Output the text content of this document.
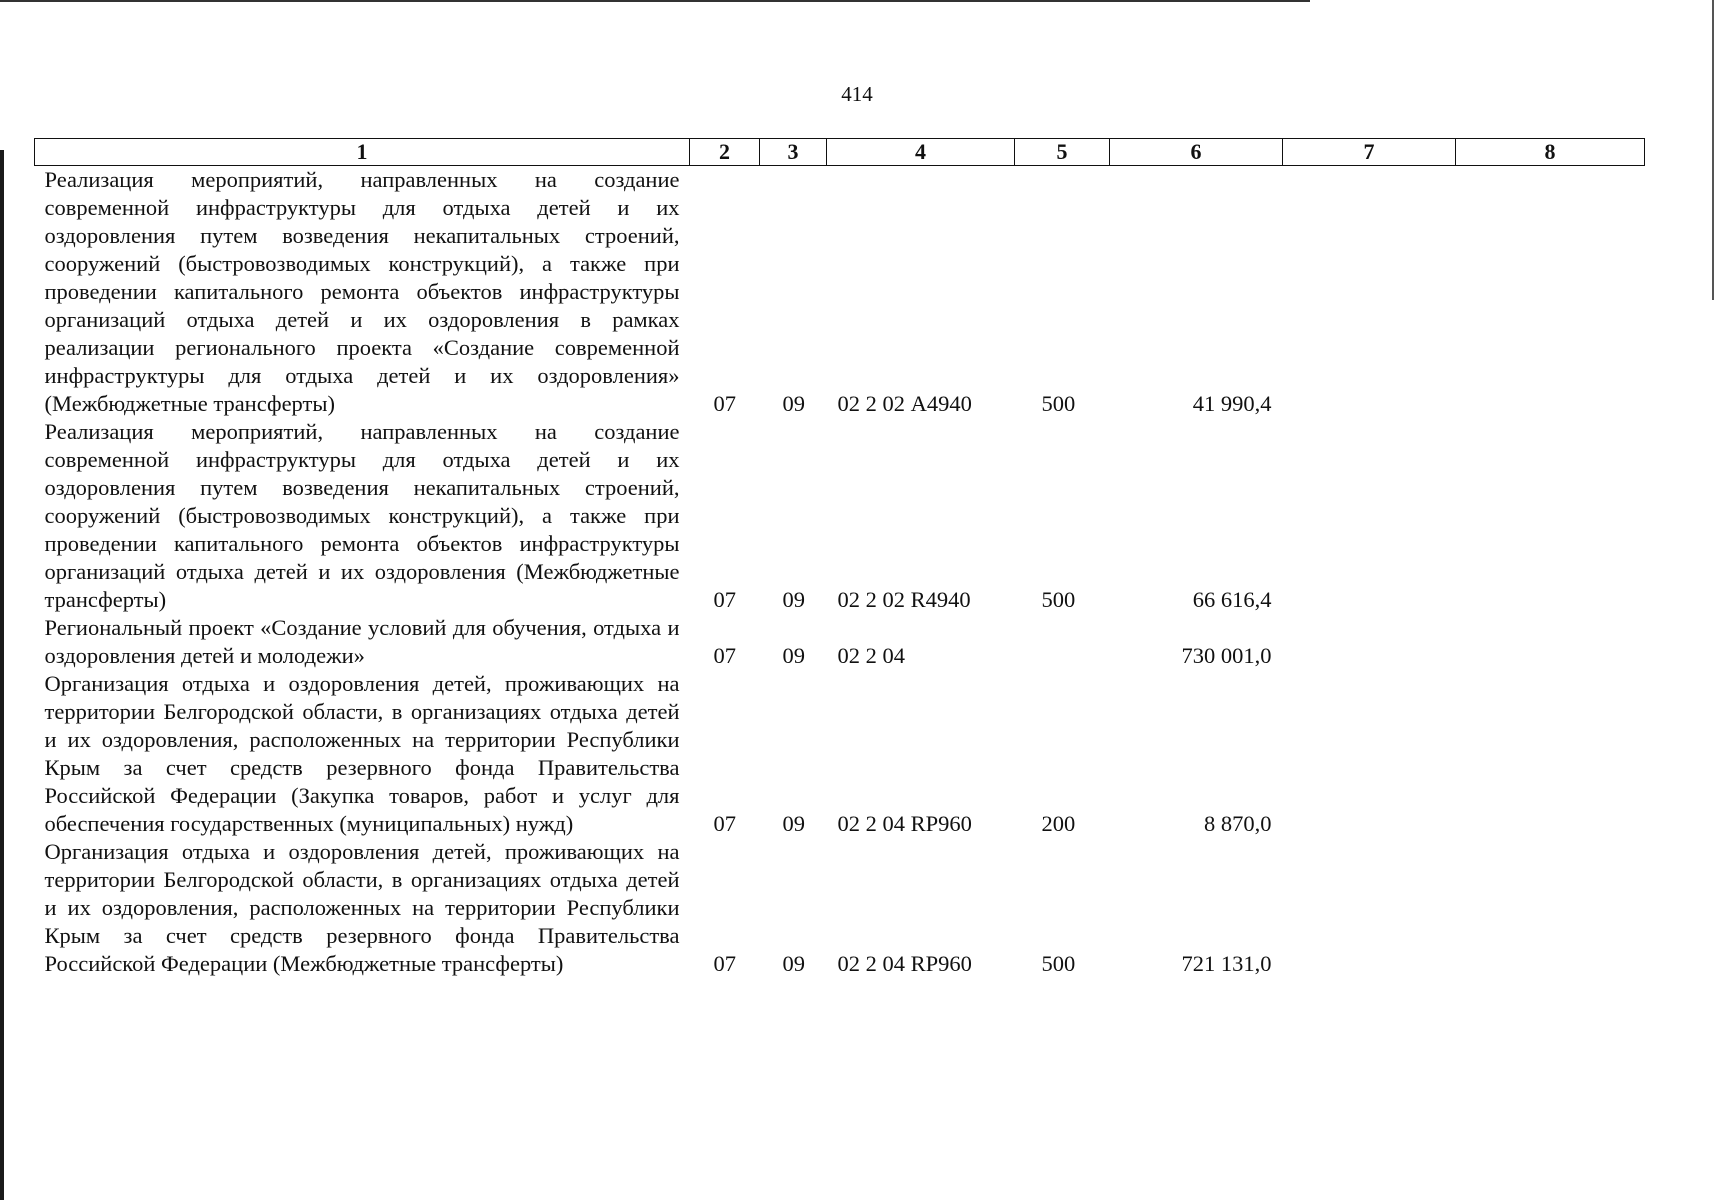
414
1	2	3	4	5	6	7	8
Реализация мероприятий, направленных на создание современной инфраструктуры для отдыха детей и их оздоровления путем возведения некапитальных строений, сооружений (быстровозводимых конструкций), а также при проведении капитального ремонта объектов инфраструктуры организаций отдыха детей и их оздоровления в рамках реализации регионального проекта «Создание современной инфраструктуры для отдыха детей и их оздоровления» (Межбюджетные трансферты)	07	09	02 2 02 А4940	500	41 990,4		
Реализация мероприятий, направленных на создание современной инфраструктуры для отдыха детей и их оздоровления путем возведения некапитальных строений, сооружений (быстровозводимых конструкций), а также при проведении капитального ремонта объектов инфраструктуры организаций отдыха детей и их оздоровления (Межбюджетные трансферты)	07	09	02 2 02 R4940	500	66 616,4		
Региональный проект «Создание условий для обучения, отдыха и оздоровления детей и молодежи»	07	09	02 2 04		730 001,0		
Организация отдыха и оздоровления детей, проживающих на территории Белгородской области, в организациях отдыха детей и их оздоровления, расположенных на территории Республики Крым за счет средств резервного фонда Правительства Российской Федерации (Закупка товаров, работ и услуг для обеспечения государственных (муниципальных) нужд)	07	09	02 2 04 RP960	200	8 870,0		
Организация отдыха и оздоровления детей, проживающих на территории Белгородской области, в организациях отдыха детей и их оздоровления, расположенных на территории Республики Крым за счет средств резервного фонда Правительства Российской Федерации (Межбюджетные трансферты)	07	09	02 2 04 RP960	500	721 131,0		
